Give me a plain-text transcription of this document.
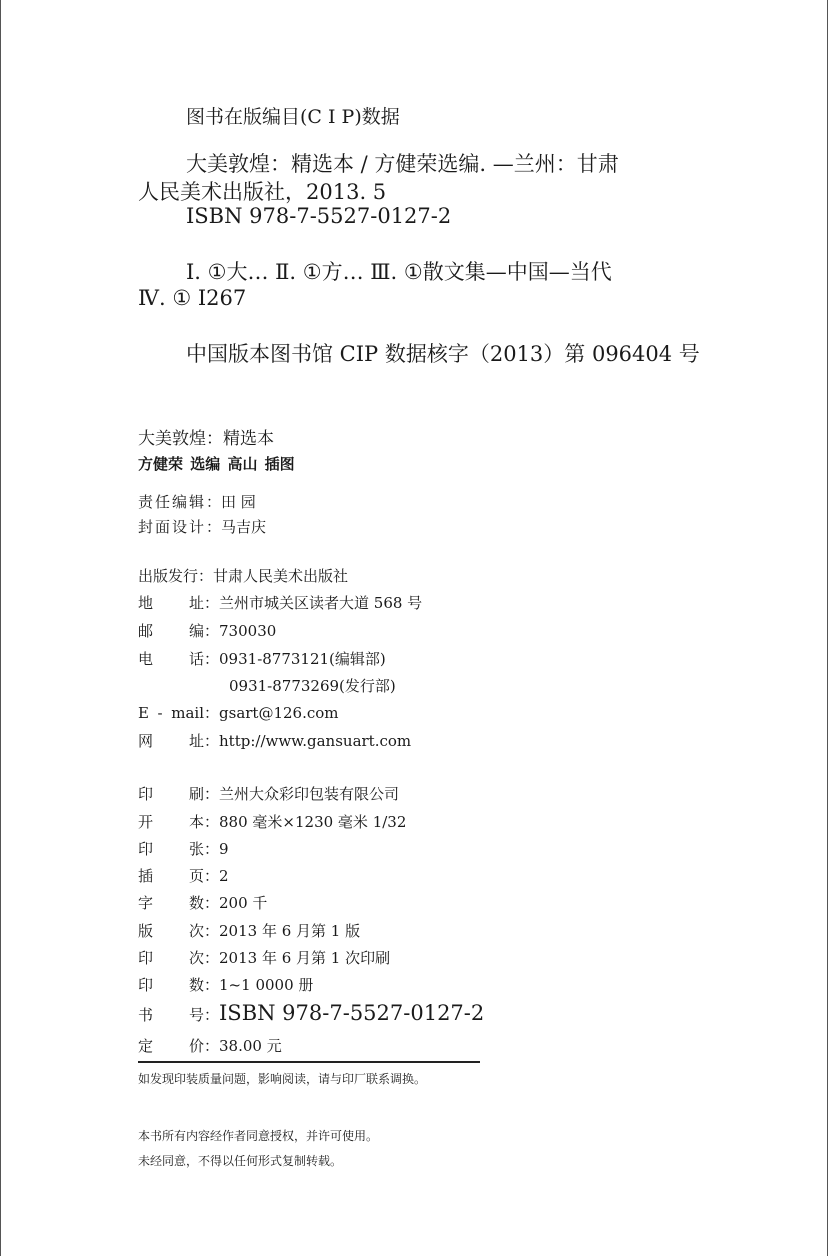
图书在版编目(C I P)数据
大美敦煌：精选本 / 方健荣选编. —兰州：甘肃
人民美术出版社，2013. 5
ISBN 978-7-5527-0127-2
Ⅰ. ①大… Ⅱ. ①方… Ⅲ. ①散文集—中国—当代
Ⅳ. ① I267
中国版本图书馆 CIP 数据核字（2013）第 096404 号
大美敦煌：精选本
方健荣 选编 高山 插图
责任编辑：田 园
封面设计：马吉庆
出版发行：甘肃人民美术出版社
地 址：兰州市城关区读者大道 568 号
邮 编：730030
电 话：0931-8773121(编辑部)
0931-8773269(发行部)
E - mail：gsart@126.com
网 址：http://www.gansuart.com
印 刷：兰州大众彩印包装有限公司
开 本：880 毫米×1230 毫米 1/32
印 张：9
插 页：2
字 数：200 千
版 次：2013 年 6 月第 1 版
印 次：2013 年 6 月第 1 次印刷
印 数：1~1 0000 册
书 号：ISBN 978-7-5527-0127-2
定 价：38.00 元
如发现印装质量问题，影响阅读，请与印厂联系调换。
本书所有内容经作者同意授权，并许可使用。
未经同意，不得以任何形式复制转载。
